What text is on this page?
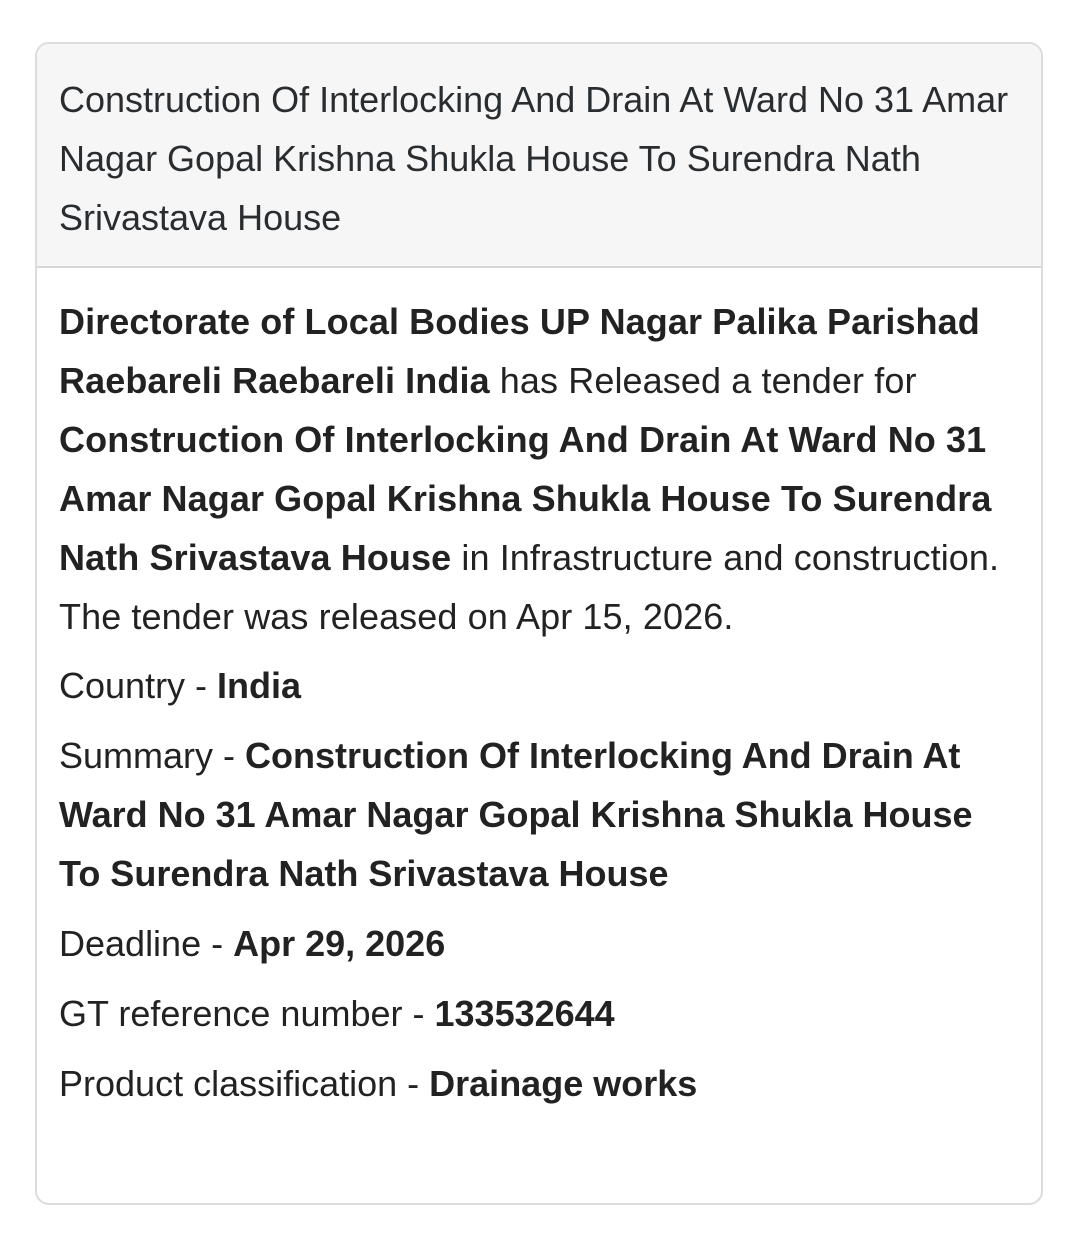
Construction Of Interlocking And Drain At Ward No 31 Amar Nagar Gopal Krishna Shukla House To Surendra Nath Srivastava House

Directorate of Local Bodies UP Nagar Palika Parishad Raebareli Raebareli India has Released a tender for Construction Of Interlocking And Drain At Ward No 31 Amar Nagar Gopal Krishna Shukla House To Surendra Nath Srivastava House in Infrastructure and construction. The tender was released on Apr 15, 2026.

Country - India

Summary - Construction Of Interlocking And Drain At Ward No 31 Amar Nagar Gopal Krishna Shukla House To Surendra Nath Srivastava House

Deadline - Apr 29, 2026

GT reference number - 133532644

Product classification - Drainage works
